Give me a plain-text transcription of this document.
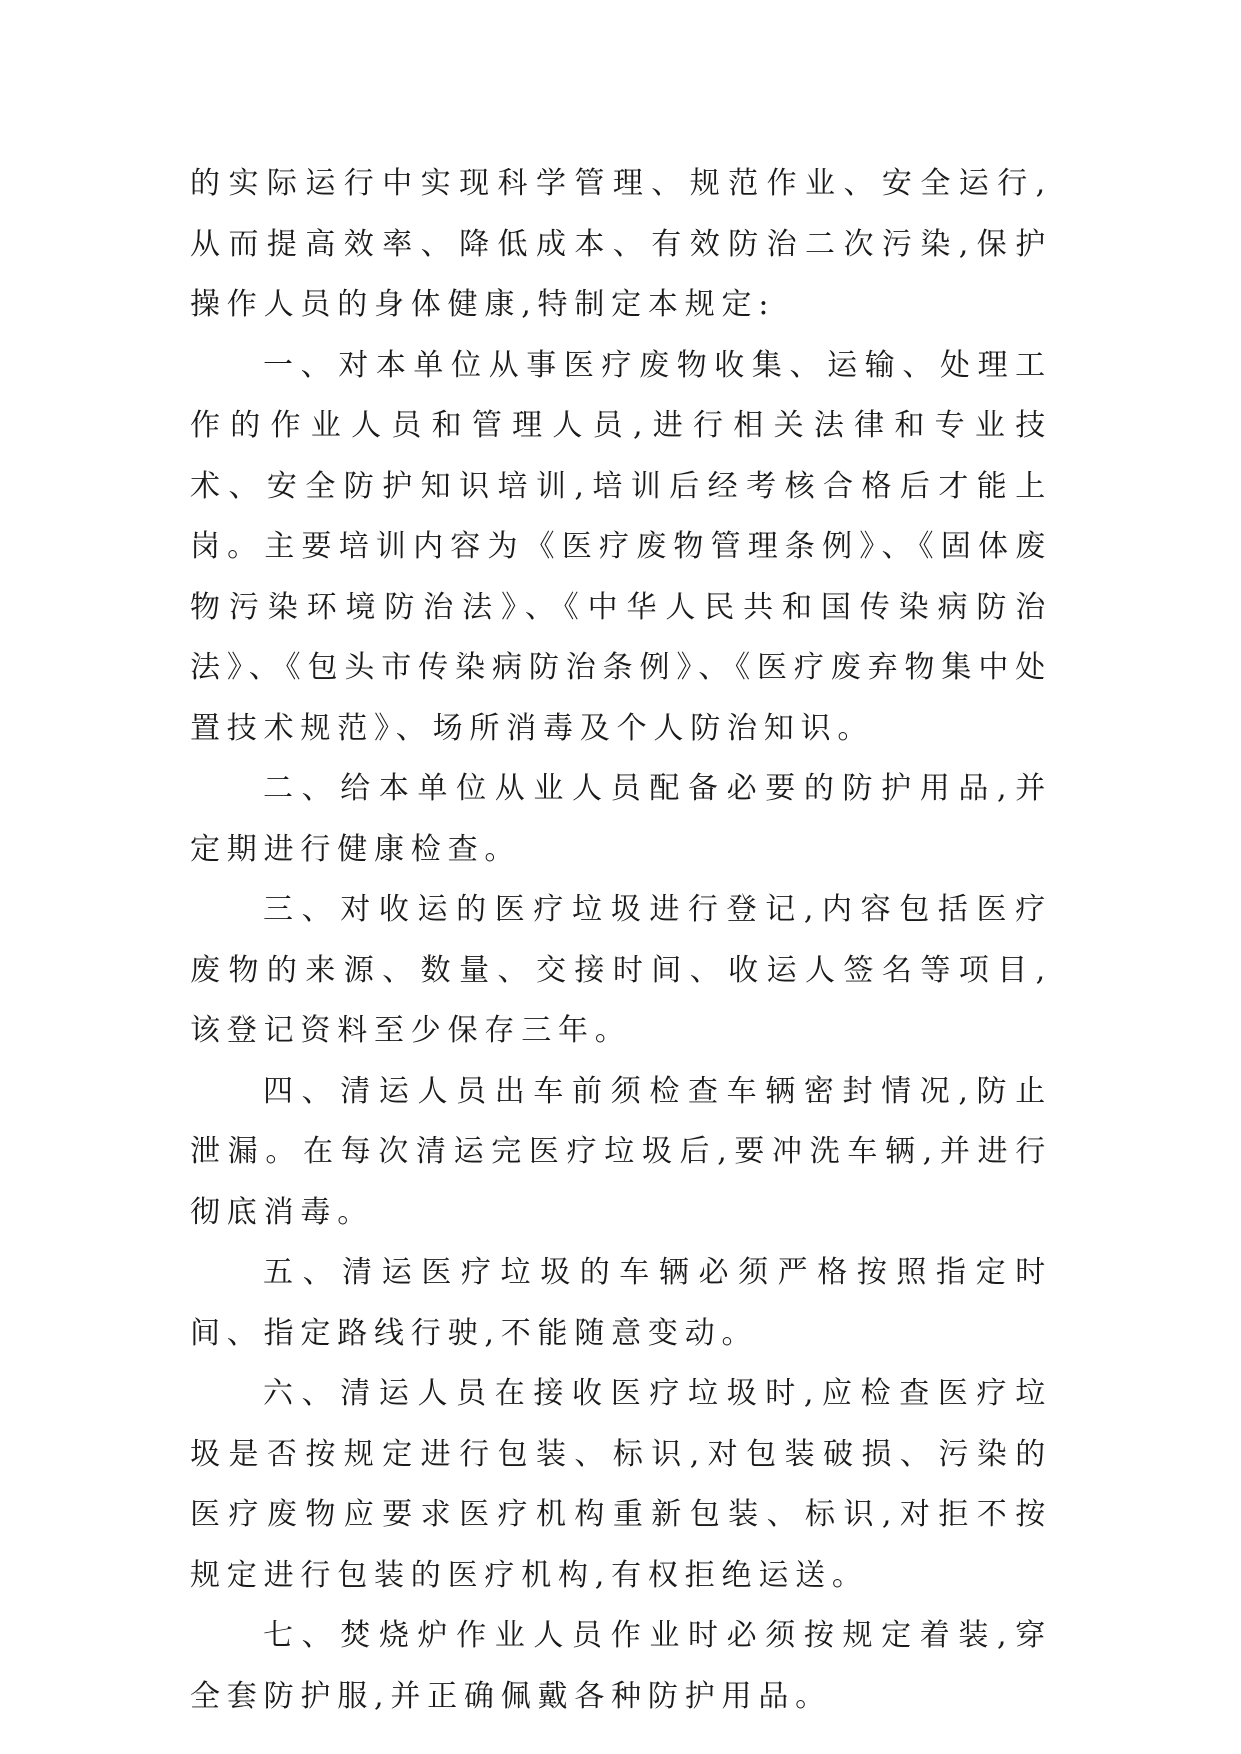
的实际运行中实现科学管理、规范作业、安全运行,从而提高效率、降低成本、有效防治二次污染,保护操作人员的身体健康,特制定本规定:

一、对本单位从事医疗废物收集、运输、处理工作的作业人员和管理人员,进行相关法律和专业技术、安全防护知识培训,培训后经考核合格后才能上岗。主要培训内容为《医疗废物管理条例》、《固体废物污染环境防治法》、《中华人民共和国传染病防治法》、《包头市传染病防治条例》、《医疗废弃物集中处置技术规范》、场所消毒及个人防治知识。

二、给本单位从业人员配备必要的防护用品,并定期进行健康检查。

三、对收运的医疗垃圾进行登记,内容包括医疗废物的来源、数量、交接时间、收运人签名等项目,该登记资料至少保存三年。

四、清运人员出车前须检查车辆密封情况,防止泄漏。在每次清运完医疗垃圾后,要冲洗车辆,并进行彻底消毒。

五、清运医疗垃圾的车辆必须严格按照指定时间、指定路线行驶,不能随意变动。

六、清运人员在接收医疗垃圾时,应检查医疗垃圾是否按规定进行包装、标识,对包装破损、污染的医疗废物应要求医疗机构重新包装、标识,对拒不按规定进行包装的医疗机构,有权拒绝运送。

七、焚烧炉作业人员作业时必须按规定着装,穿全套防护服,并正确佩戴各种防护用品。
